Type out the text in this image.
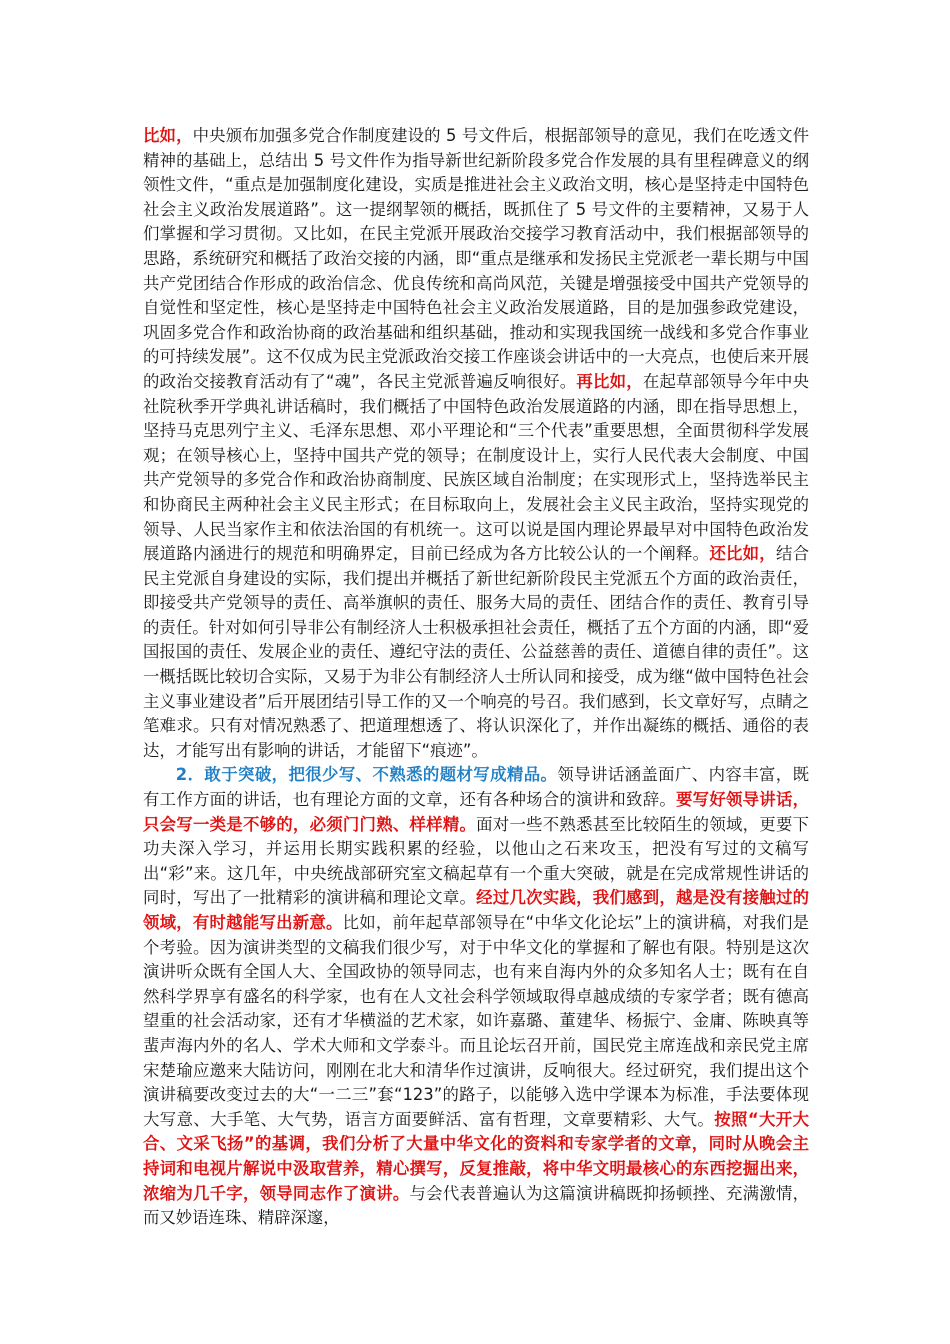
比如，中央颁布加强多党合作制度建设的 5 号文件后，根据部领导的意见，我们在吃透文件精神的基础上，总结出 5 号文件作为指导新世纪新阶段多党合作发展的具有里程碑意义的纲领性文件，“重点是加强制度化建设，实质是推进社会主义政治文明，核心是坚持走中国特色社会主义政治发展道路”。这一提纲挈领的概括，既抓住了 5 号文件的主要精神，又易于人们掌握和学习贯彻。又比如，在民主党派开展政治交接学习教育活动中，我们根据部领导的思路，系统研究和概括了政治交接的内涵，即“重点是继承和发扬民主党派老一辈长期与中国共产党团结合作形成的政治信念、优良传统和高尚风范，关键是增强接受中国共产党领导的自觉性和坚定性，核心是坚持走中国特色社会主义政治发展道路，目的是加强参政党建设，巩固多党合作和政治协商的政治基础和组织基础，推动和实现我国统一战线和多党合作事业的可持续发展”。这不仅成为民主党派政治交接工作座谈会讲话中的一大亮点，也使后来开展的政治交接教育活动有了“魂”，各民主党派普遍反响很好。再比如，在起草部领导今年中央社院秋季开学典礼讲话稿时，我们概括了中国特色政治发展道路的内涵，即在指导思想上，坚持马克思列宁主义、毛泽东思想、邓小平理论和“三个代表”重要思想，全面贯彻科学发展观；在领导核心上，坚持中国共产党的领导；在制度设计上，实行人民代表大会制度、中国共产党领导的多党合作和政治协商制度、民族区域自治制度；在实现形式上，坚持选举民主和协商民主两种社会主义民主形式；在目标取向上，发展社会主义民主政治，坚持实现党的领导、人民当家作主和依法治国的有机统一。这可以说是国内理论界最早对中国特色政治发展道路内涵进行的规范和明确界定，目前已经成为各方比较公认的一个阐释。还比如，结合民主党派自身建设的实际，我们提出并概括了新世纪新阶段民主党派五个方面的政治责任，即接受共产党领导的责任、高举旗帜的责任、服务大局的责任、团结合作的责任、教育引导的责任。针对如何引导非公有制经济人士积极承担社会责任，概括了五个方面的内涵，即“爱国报国的责任、发展企业的责任、遵纪守法的责任、公益慈善的责任、道德自律的责任”。这一概括既比较切合实际，又易于为非公有制经济人士所认同和接受，成为继“做中国特色社会主义事业建设者”后开展团结引导工作的又一个响亮的号召。我们感到，长文章好写，点睛之笔难求。只有对情况熟悉了、把道理想透了、将认识深化了，并作出凝练的概括、通俗的表达，才能写出有影响的讲话，才能留下“痕迹”。

2．敢于突破，把很少写、不熟悉的题材写成精品。领导讲话涵盖面广、内容丰富，既有工作方面的讲话，也有理论方面的文章，还有各种场合的演讲和致辞。要写好领导讲话，只会写一类是不够的，必须门门熟、样样精。面对一些不熟悉甚至比较陌生的领域，更要下功夫深入学习，并运用长期实践积累的经验，以他山之石来攻玉，把没有写过的文稿写出“彩”来。这几年，中央统战部研究室文稿起草有一个重大突破，就是在完成常规性讲话的同时，写出了一批精彩的演讲稿和理论文章。经过几次实践，我们感到，越是没有接触过的领域，有时越能写出新意。比如，前年起草部领导在“中华文化论坛”上的演讲稿，对我们是个考验。因为演讲类型的文稿我们很少写，对于中华文化的掌握和了解也有限。特别是这次演讲听众既有全国人大、全国政协的领导同志，也有来自海内外的众多知名人士；既有在自然科学界享有盛名的科学家，也有在人文社会科学领域取得卓越成绩的专家学者；既有德高望重的社会活动家，还有才华横溢的艺术家，如许嘉璐、董建华、杨振宁、金庸、陈映真等蜚声海内外的名人、学术大师和文学泰斗。而且论坛召开前，国民党主席连战和亲民党主席宋楚瑜应邀来大陆访问，刚刚在北大和清华作过演讲，反响很大。经过研究，我们提出这个演讲稿要改变过去的大“一二三”套“123”的路子，以能够入选中学课本为标准，手法要体现大写意、大手笔、大气势，语言方面要鲜活、富有哲理，文章要精彩、大气。按照“大开大合、文采飞扬”的基调，我们分析了大量中华文化的资料和专家学者的文章，同时从晚会主持词和电视片解说中汲取营养，精心撰写，反复推敲，将中华文明最核心的东西挖掘出来，浓缩为几千字，领导同志作了演讲。与会代表普遍认为这篇演讲稿既抑扬顿挫、充满激情，而又妙语连珠、精辟深邃，
